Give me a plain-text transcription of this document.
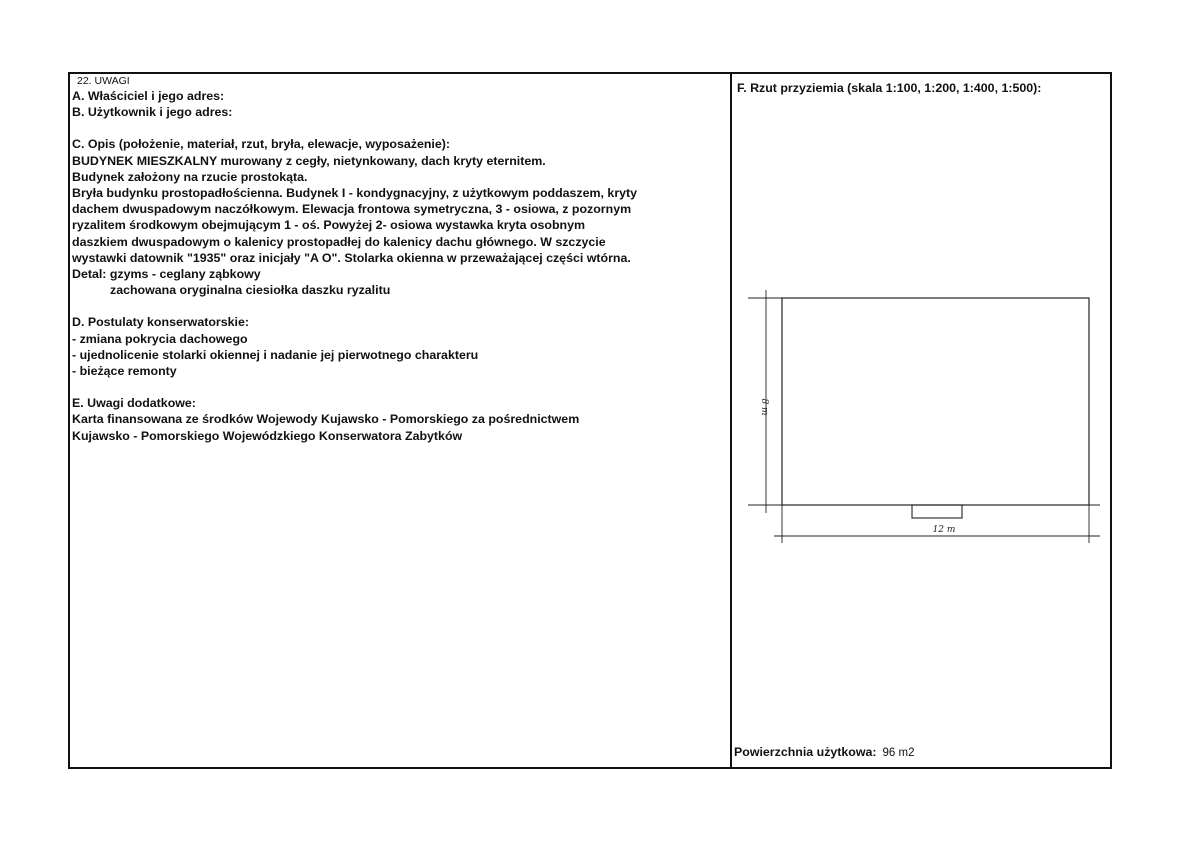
22. UWAGI
A. Właściciel i jego adres:
B. Użytkownik i jego adres:
C. Opis (położenie, materiał, rzut, bryła, elewacje, wyposażenie):
BUDYNEK MIESZKALNY murowany z cegły, nietynkowany, dach kryty eternitem.
Budynek założony na rzucie prostokąta.
Bryła budynku prostopadłościenna. Budynek I - kondygnacyjny, z użytkowym poddaszem, kryty
dachem dwuspadowym naczółkowym. Elewacja frontowa symetryczna, 3 - osiowa, z pozornym
ryzalitem środkowym obejmującym 1 - oś. Powyżej 2- osiowa wystawka kryta osobnym
daszkiem dwuspadowym o kalenicy prostopadłej do kalenicy dachu głównego. W szczycie
wystawki datownik "1935" oraz inicjały "A O". Stolarka okienna w przeważającej części wtórna.
Detal: gzyms - ceglany ząbkowy
zachowana oryginalna ciesiołka daszku ryzalitu
D. Postulaty konserwatorskie:
- zmiana pokrycia dachowego
- ujednolicenie stolarki okiennej i nadanie jej pierwotnego charakteru
- bieżące remonty
E. Uwagi dodatkowe:
Karta finansowana ze środków Wojewody Kujawsko - Pomorskiego za pośrednictwem
Kujawsko - Pomorskiego Wojewódzkiego Konserwatora Zabytków
F. Rzut przyziemia (skala 1:100, 1:200, 1:400, 1:500):
12 m
8 m
Powierzchnia użytkowa: 96 m2
